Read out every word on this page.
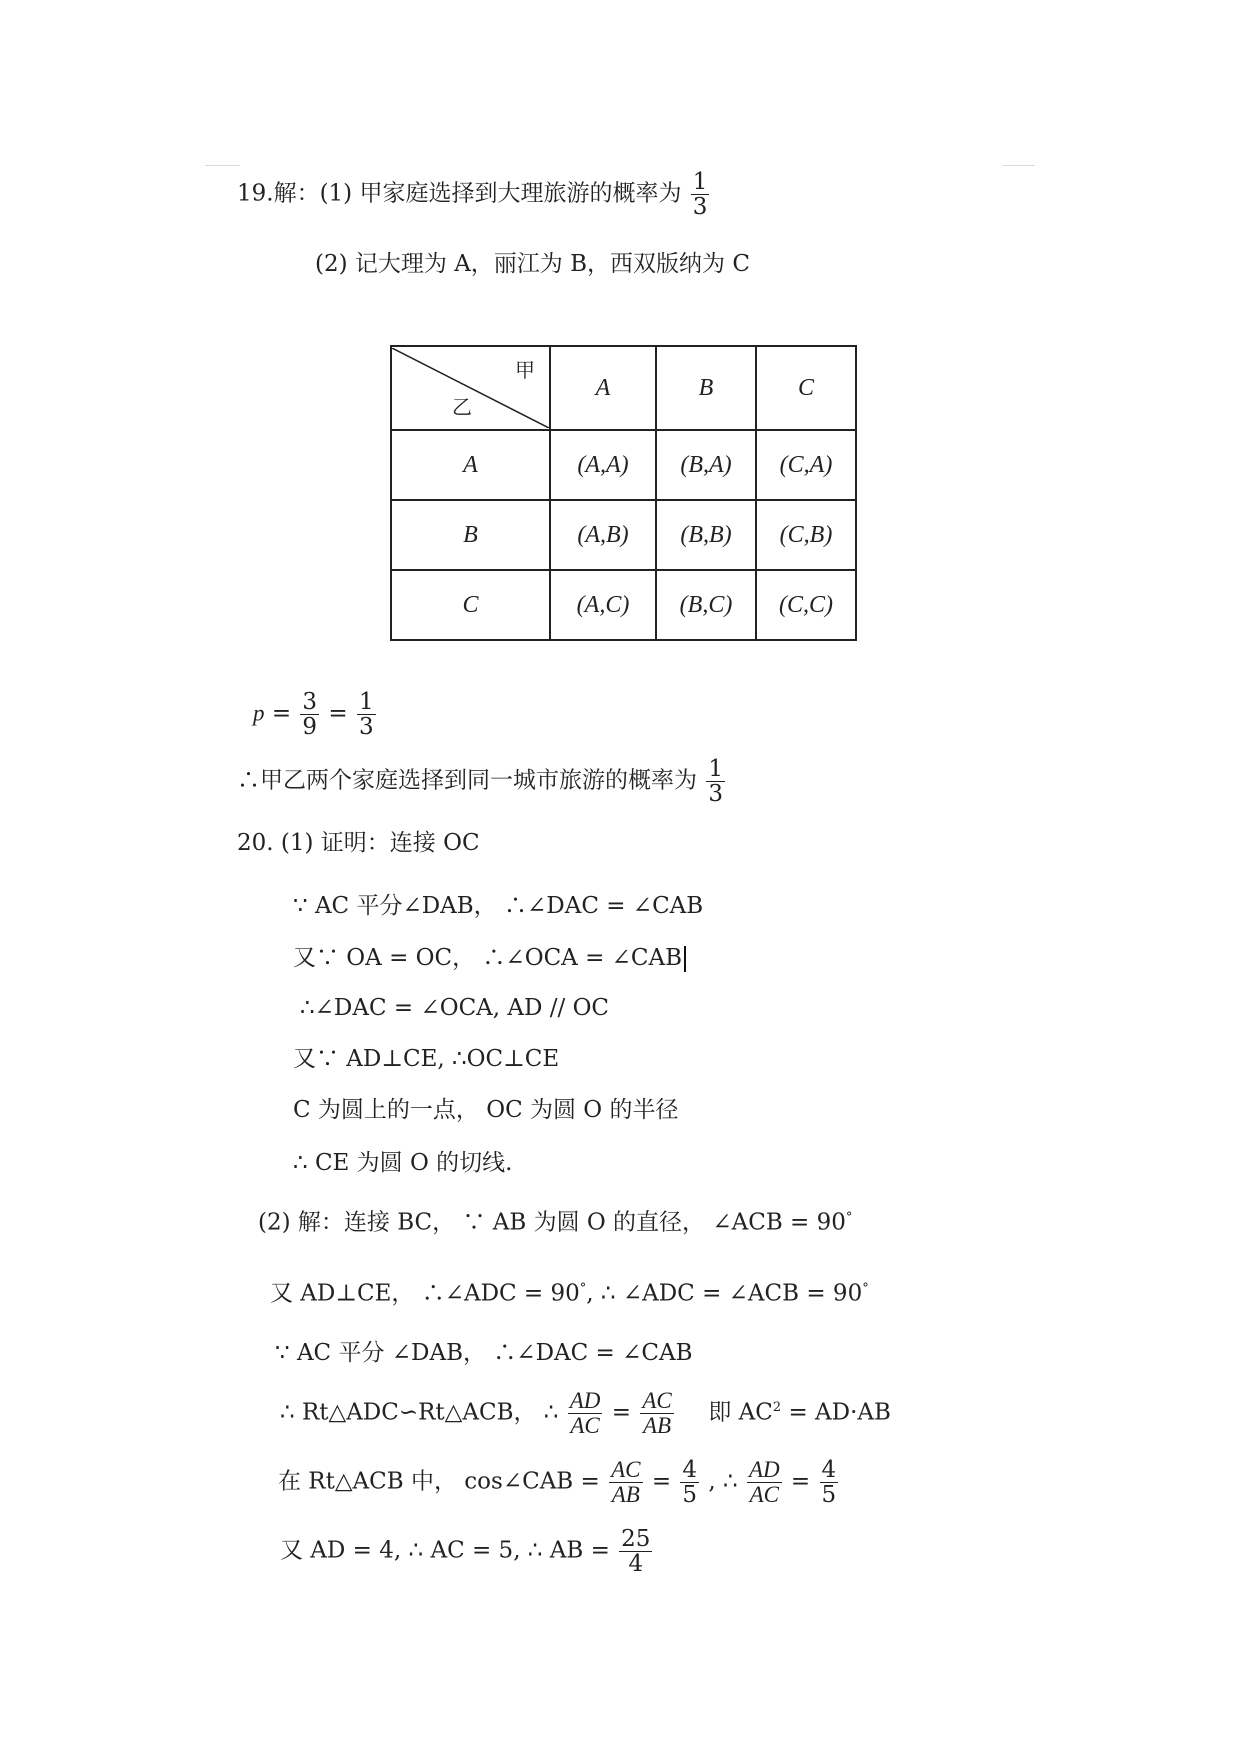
19.解：(1) 甲家庭选择到大理旅游的概率为 $\frac{1}{3}$
(2) 记大理为 A，丽江为 B，西双版纳为 C
甲
乙	A	B	C
A	(A,A)	(B,A)	(C,A)
B	(A,B)	(B,B)	(C,B)
C	(A,C)	(B,C)	(C,C)
$p = \frac{3}{9} = \frac{1}{3}$
∴甲乙两个家庭选择到同一城市旅游的概率为 $\frac{1}{3}$
20. (1) 证明：连接 OC
∵ AC 平分∠DAB， ∴∠DAC = ∠CAB
又∵ OA = OC， ∴∠OCA = ∠CAB
∴∠DAC = ∠OCA, AD // OC
又∵ AD⊥CE, ∴OC⊥CE
C 为圆上的一点， OC 为圆 O 的半径
∴ CE 为圆 O 的切线.
(2) 解：连接 BC， ∵ AB 为圆 O 的直径， ∠ACB = 90°
又 AD⊥CE， ∴∠ADC = 90°, ∴ ∠ADC = ∠ACB = 90°
∵ AC 平分 ∠DAB， ∴∠DAC = ∠CAB
∴ Rt△ADC∽Rt△ACB， ∴ $\frac{AD}{AC} = \frac{AC}{AB}$ 即 $AC^2 = AD\cdot AB$
在 Rt△ACB 中， cos∠CAB = $\frac{AC}{AB} = \frac{4}{5}$ , ∴ $\frac{AD}{AC} = \frac{4}{5}$
又 AD = 4, ∴ AC = 5, ∴ AB = $\frac{25}{4}$
